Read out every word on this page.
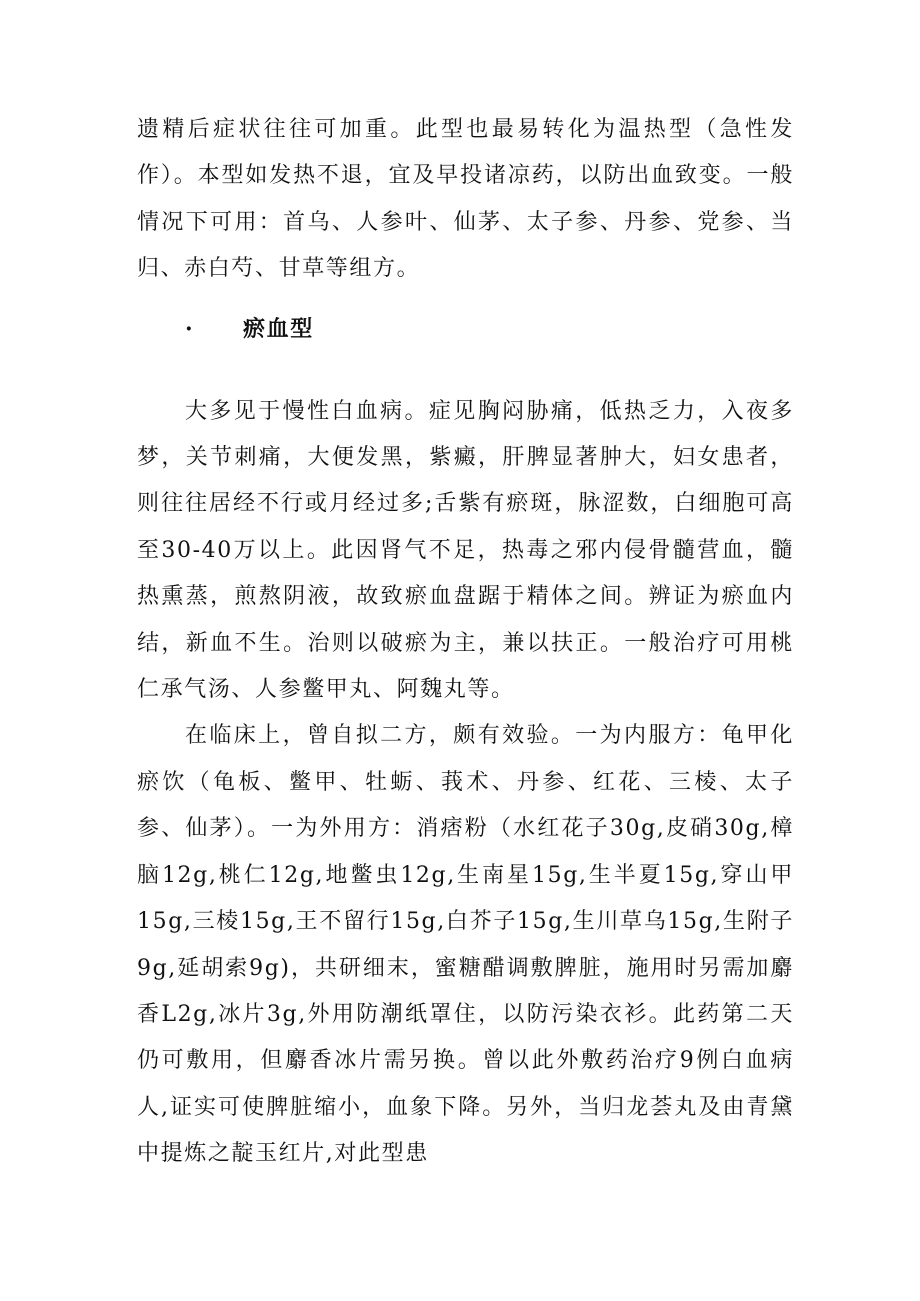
遗精后症状往往可加重。此型也最易转化为温热型（急性发作）。本型如发热不退，宜及早投诸凉药，以防出血致变。一般情况下可用：首乌、人参叶、仙茅、太子参、丹参、党参、当归、赤白芍、甘草等组方。

·	瘀血型

大多见于慢性白血病。症见胸闷胁痛，低热乏力，入夜多梦，关节刺痛，大便发黑，紫癜，肝脾显著肿大，妇女患者，则往往居经不行或月经过多;舌紫有瘀斑，脉涩数，白细胞可高至30-40万以上。此因肾气不足，热毒之邪内侵骨髓营血，髓热熏蒸，煎熬阴液，故致瘀血盘踞于精体之间。辨证为瘀血内结，新血不生。治则以破瘀为主，兼以扶正。一般治疗可用桃仁承气汤、人参鳖甲丸、阿魏丸等。

在临床上，曾自拟二方，颇有效验。一为内服方：龟甲化瘀饮（龟板、鳖甲、牡蛎、莪术、丹参、红花、三棱、太子参、仙茅）。一为外用方：消痞粉（水红花子30g,皮硝30g,樟脑12g,桃仁12g,地鳖虫12g,生南星15g,生半夏15g,穿山甲15g,三棱15g,王不留行15g,白芥子15g,生川草乌15g,生附子9g,延胡索9g)，共研细末，蜜糖醋调敷脾脏，施用时另需加麝香L2g,冰片3g,外用防潮纸罩住，以防污染衣衫。此药第二天仍可敷用，但麝香冰片需另换。曾以此外敷药治疗9例白血病人,证实可使脾脏缩小，血象下降。另外，当归龙荟丸及由青黛中提炼之靛玉红片,对此型患
